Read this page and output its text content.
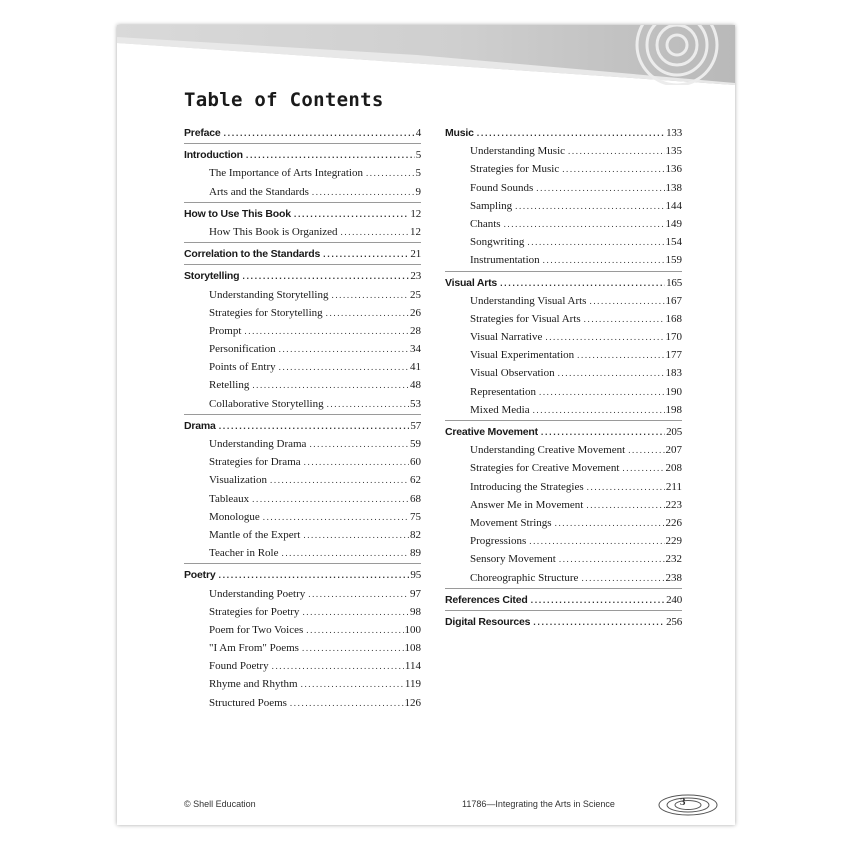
Table of Contents
Preface .....	4
Introduction .....	5
The Importance of Arts Integration .....	5
Arts and the Standards .....	9
How to Use This Book .....	12
How This Book is Organized .....	12
Correlation to the Standards .....	21
Storytelling .....	23
Understanding Storytelling .....	25
Strategies for Storytelling .....	26
Prompt .....	28
Personification .....	34
Points of Entry .....	41
Retelling .....	48
Collaborative Storytelling .....	53
Drama .....	57
Understanding Drama .....	59
Strategies for Drama .....	60
Visualization .....	62
Tableaux .....	68
Monologue .....	75
Mantle of the Expert .....	82
Teacher in Role .....	89
Poetry .....	95
Understanding Poetry .....	97
Strategies for Poetry .....	98
Poem for Two Voices .....	100
"I Am From" Poems .....	108
Found Poetry .....	114
Rhyme and Rhythm .....	119
Structured Poems .....	126
Music .....	133
Understanding Music .....	135
Strategies for Music .....	136
Found Sounds .....	138
Sampling .....	144
Chants .....	149
Songwriting .....	154
Instrumentation .....	159
Visual Arts .....	165
Understanding Visual Arts .....	167
Strategies for Visual Arts .....	168
Visual Narrative .....	170
Visual Experimentation .....	177
Visual Observation .....	183
Representation .....	190
Mixed Media .....	198
Creative Movement .....	205
Understanding Creative Movement .....	207
Strategies for Creative Movement .....	208
Introducing the Strategies .....	211
Answer Me in Movement .....	223
Movement Strings .....	226
Progressions .....	229
Sensory Movement .....	232
Choreographic Structure .....	238
References Cited .....	240
Digital Resources .....	256
© Shell Education	11786—Integrating the Arts in Science	3
